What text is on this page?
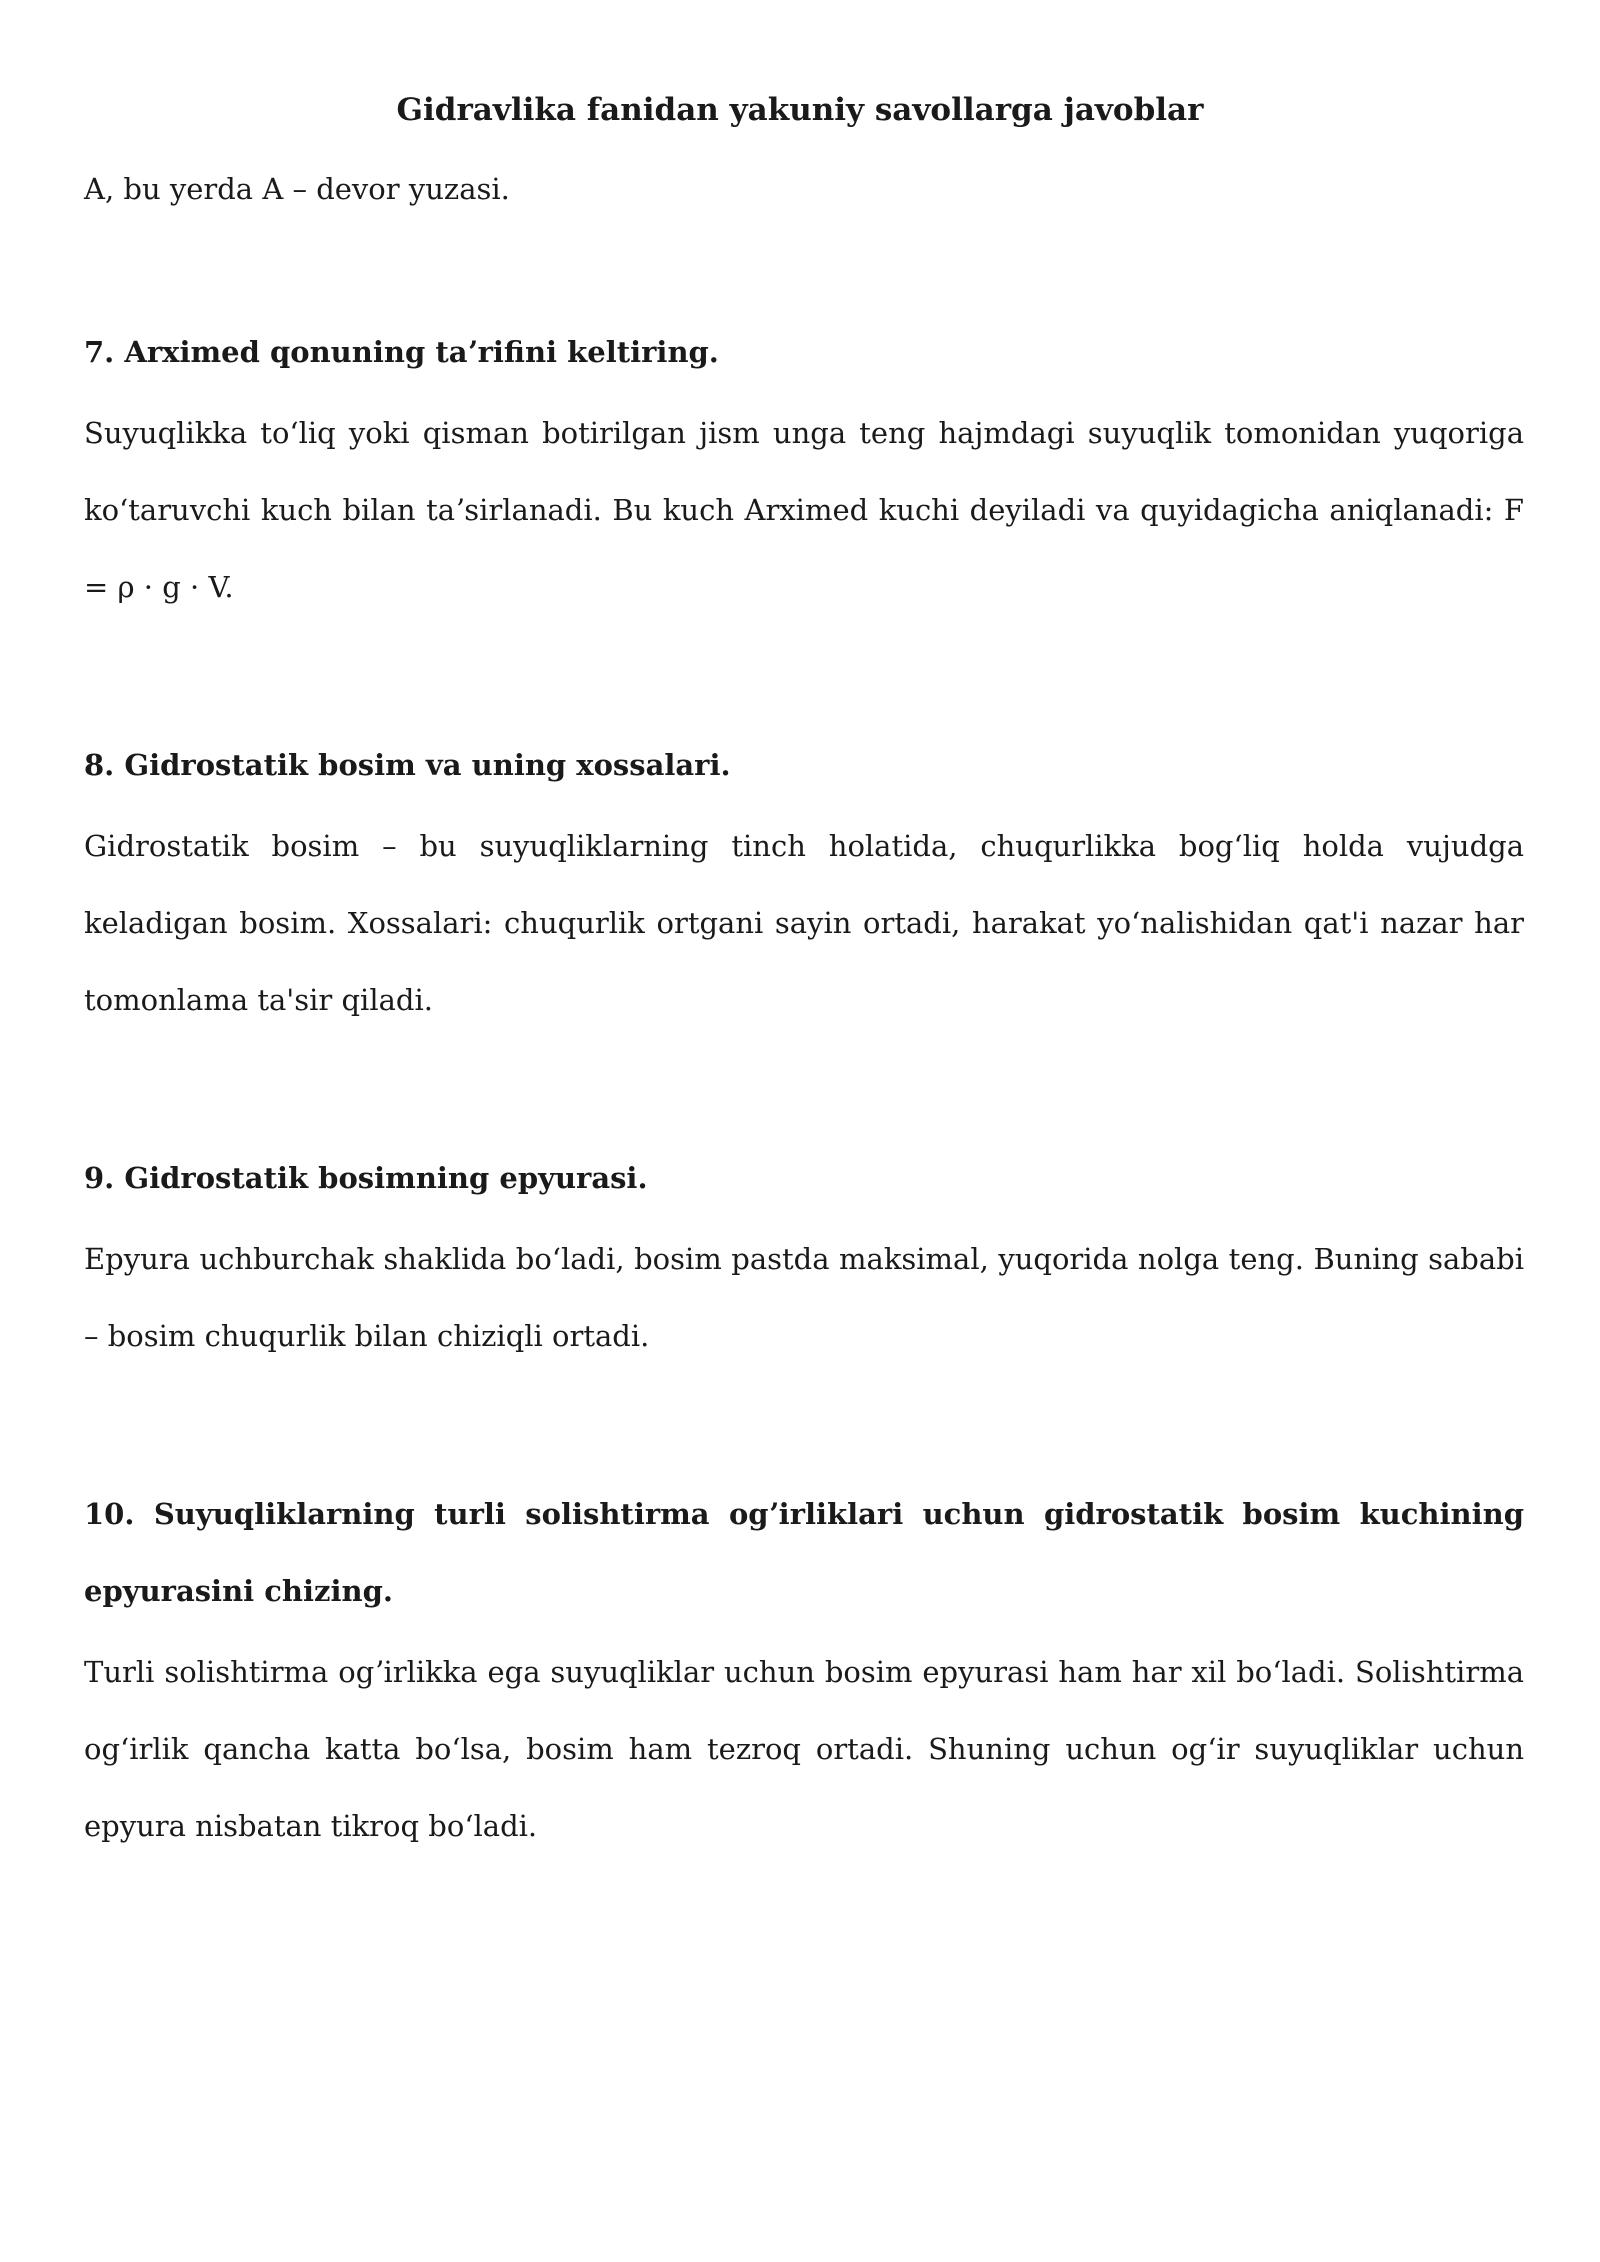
Gidravlika fanidan yakuniy savollarga javoblar

A, bu yerda A – devor yuzasi.

7. Arximed qonuning taʼrifini keltiring.

Suyuqlikka toʻliq yoki qisman botirilgan jism unga teng hajmdagi suyuqlik tomonidan yuqoriga koʻtaruvchi kuch bilan taʼsirlanadi. Bu kuch Arximed kuchi deyiladi va quyidagicha aniqlanadi: F = ρ · g · V.

8. Gidrostatik bosim va uning xossalari.

Gidrostatik bosim – bu suyuqliklarning tinch holatida, chuqurlikka bogʻliq holda vujudga keladigan bosim. Xossalari: chuqurlik ortgani sayin ortadi, harakat yoʻnalishidan qat'i nazar har tomonlama ta'sir qiladi.

9. Gidrostatik bosimning epyurasi.

Epyura uchburchak shaklida boʻladi, bosim pastda maksimal, yuqorida nolga teng. Buning sababi – bosim chuqurlik bilan chiziqli ortadi.

10. Suyuqliklarning turli solishtirma ogʼirliklari uchun gidrostatik bosim kuchining epyurasini chizing.

Turli solishtirma ogʼirlikka ega suyuqliklar uchun bosim epyurasi ham har xil boʻladi. Solishtirma ogʻirlik qancha katta boʻlsa, bosim ham tezroq ortadi. Shuning uchun ogʻir suyuqliklar uchun epyura nisbatan tikroq boʻladi.
